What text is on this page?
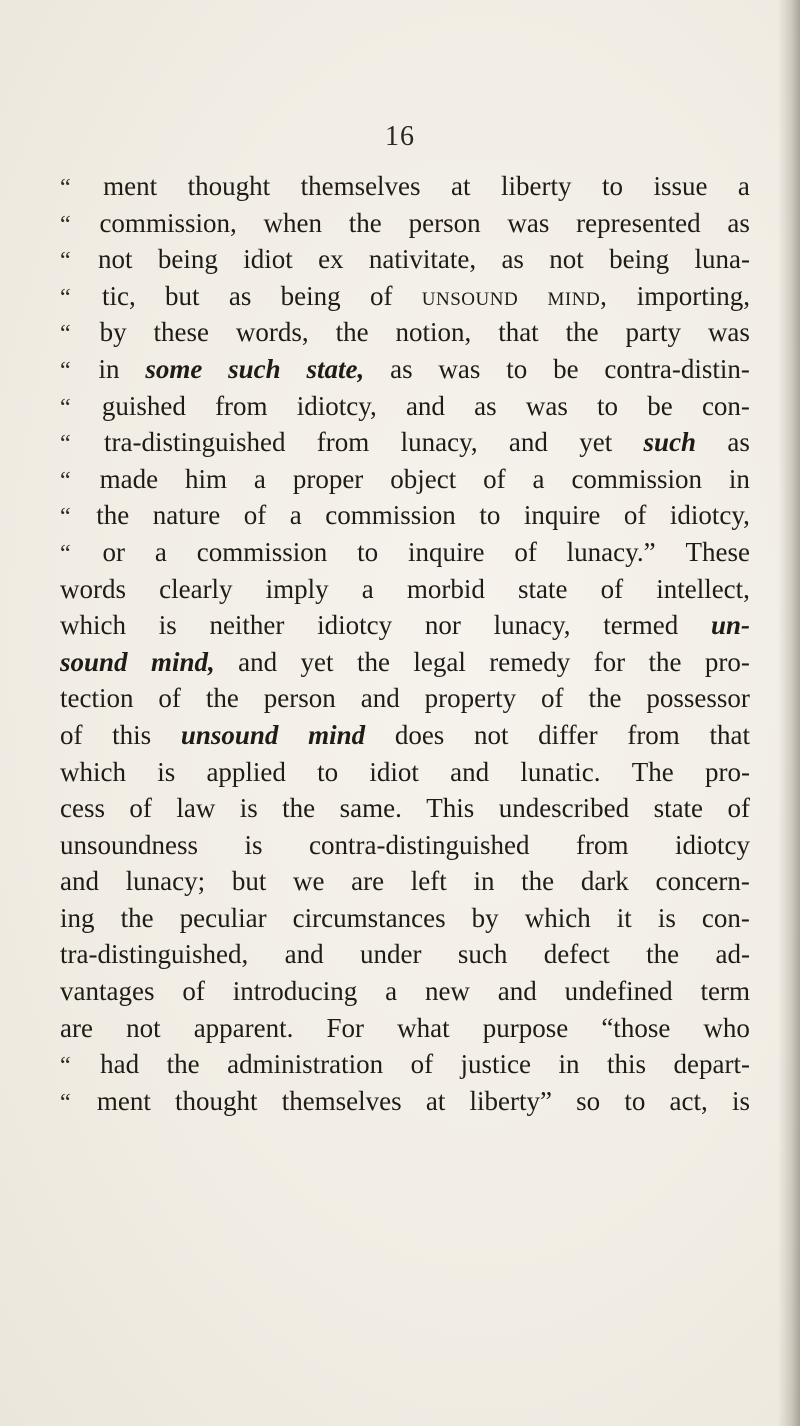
16
“ ment thought themselves at liberty to issue a
“ commission, when the person was represented as
“ not being idiot ex nativitate, as not being luna-
“ tic, but as being of unsound mind, importing,
“ by these words, the notion, that the party was
“ in some such state, as was to be contra-distin-
“ guished from idiotcy, and as was to be con-
“ tra-distinguished from lunacy, and yet such as
“ made him a proper object of a commission in
“ the nature of a commission to inquire of idiotcy,
“ or a commission to inquire of lunacy.” These
words clearly imply a morbid state of intellect,
which is neither idiotcy nor lunacy, termed un-
sound mind, and yet the legal remedy for the pro-
tection of the person and property of the possessor
of this unsound mind does not differ from that
which is applied to idiot and lunatic. The pro-
cess of law is the same. This undescribed state of
unsoundness is contra-distinguished from idiotcy
and lunacy; but we are left in the dark concern-
ing the peculiar circumstances by which it is con-
tra-distinguished, and under such defect the ad-
vantages of introducing a new and undefined term
are not apparent. For what purpose “those who
“ had the administration of justice in this depart-
“ ment thought themselves at liberty” so to act, is
